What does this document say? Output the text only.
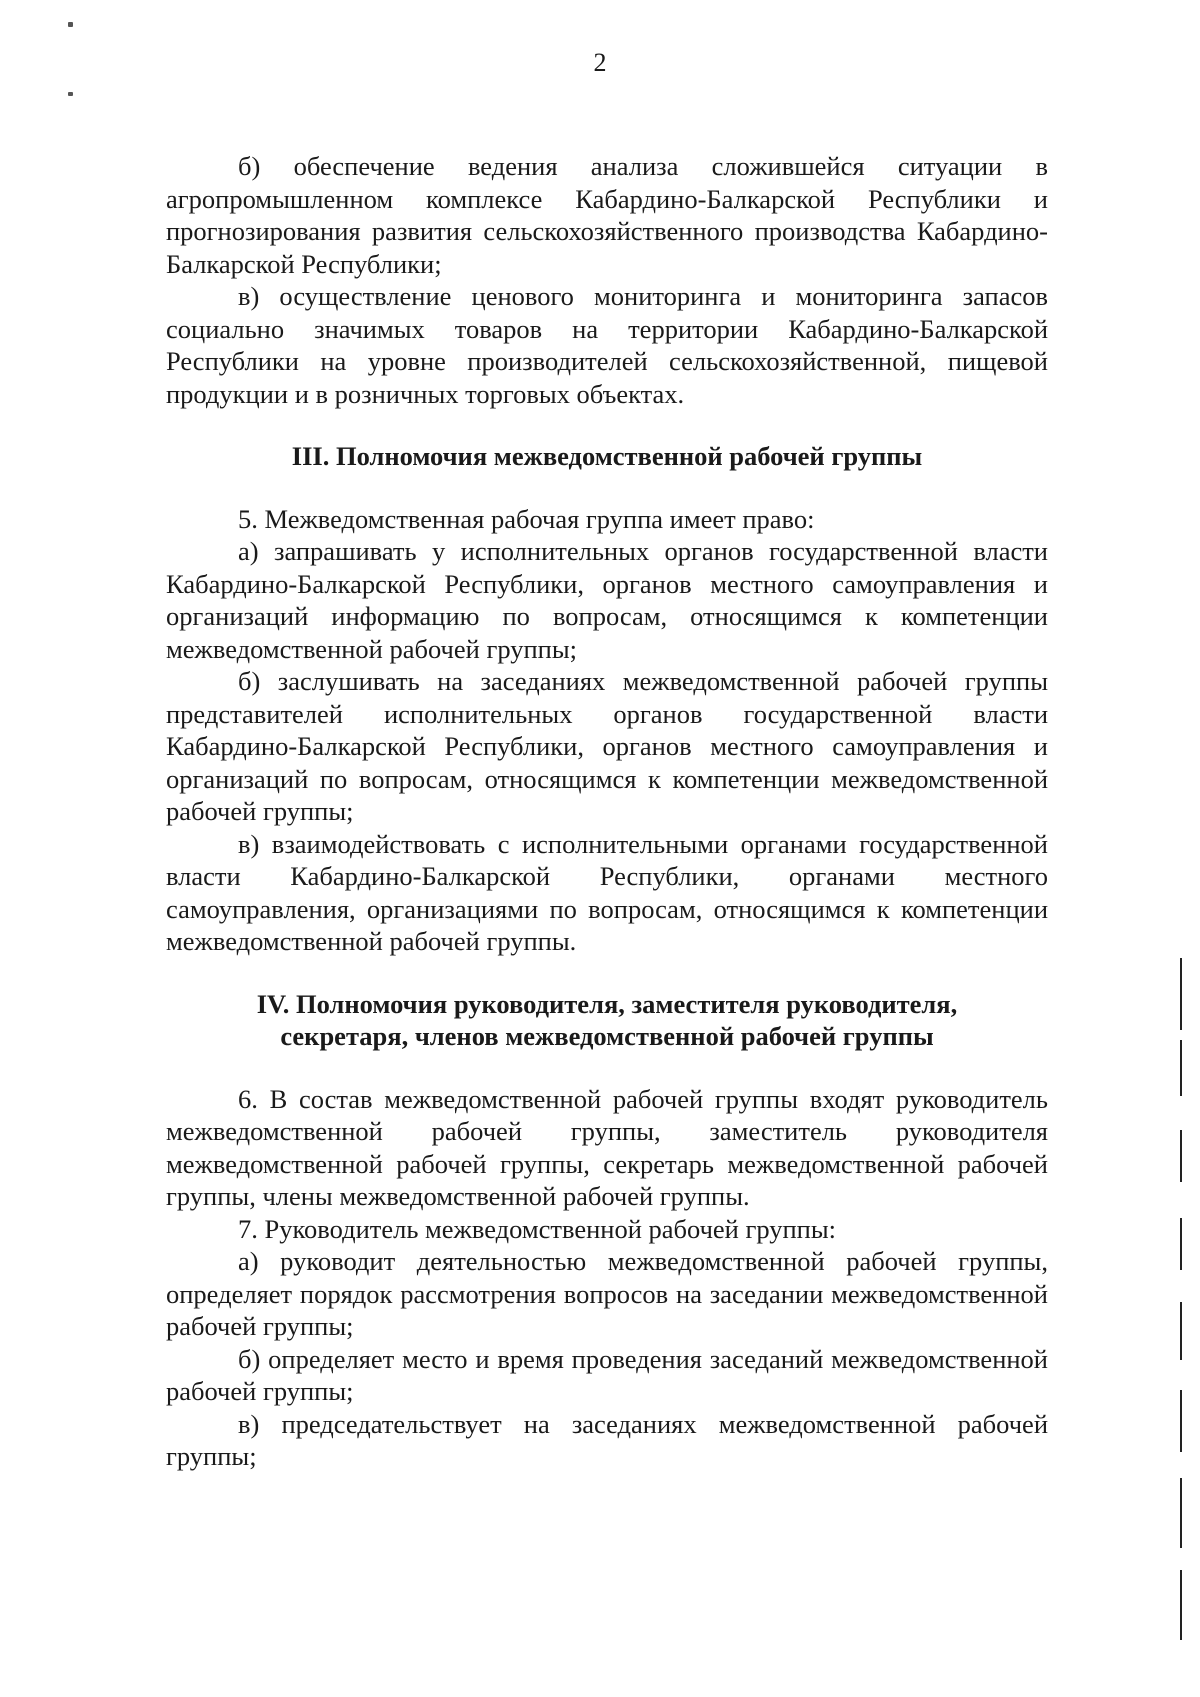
2

б) обеспечение ведения анализа сложившейся ситуации в агропромышленном комплексе Кабардино-Балкарской Республики и прогнозирования развития сельскохозяйственного производства Кабардино-Балкарской Республики;

в) осуществление ценового мониторинга и мониторинга запасов социально значимых товаров на территории Кабардино-Балкарской Республики на уровне производителей сельскохозяйственной, пищевой продукции и в розничных торговых объектах.

III. Полномочия межведомственной рабочей группы

5. Межведомственная рабочая группа имеет право:

а) запрашивать у исполнительных органов государственной власти Кабардино-Балкарской Республики, органов местного самоуправления и организаций информацию по вопросам, относящимся к компетенции межведомственной рабочей группы;

б) заслушивать на заседаниях межведомственной рабочей группы представителей исполнительных органов государственной власти Кабардино-Балкарской Республики, органов местного самоуправления и организаций по вопросам, относящимся к компетенции межведомственной рабочей группы;

в) взаимодействовать с исполнительными органами государственной власти Кабардино-Балкарской Республики, органами местного самоуправления, организациями по вопросам, относящимся к компетенции межведомственной рабочей группы.

IV. Полномочия руководителя, заместителя руководителя,
секретаря, членов межведомственной рабочей группы

6. В состав межведомственной рабочей группы входят руководитель межведомственной рабочей группы, заместитель руководителя межведомственной рабочей группы, секретарь межведомственной рабочей группы, члены межведомственной рабочей группы.

7. Руководитель межведомственной рабочей группы:

а) руководит деятельностью межведомственной рабочей группы, определяет порядок рассмотрения вопросов на заседании межведомственной рабочей группы;

б) определяет место и время проведения заседаний межведомственной рабочей группы;

в) председательствует на заседаниях межведомственной рабочей группы;
